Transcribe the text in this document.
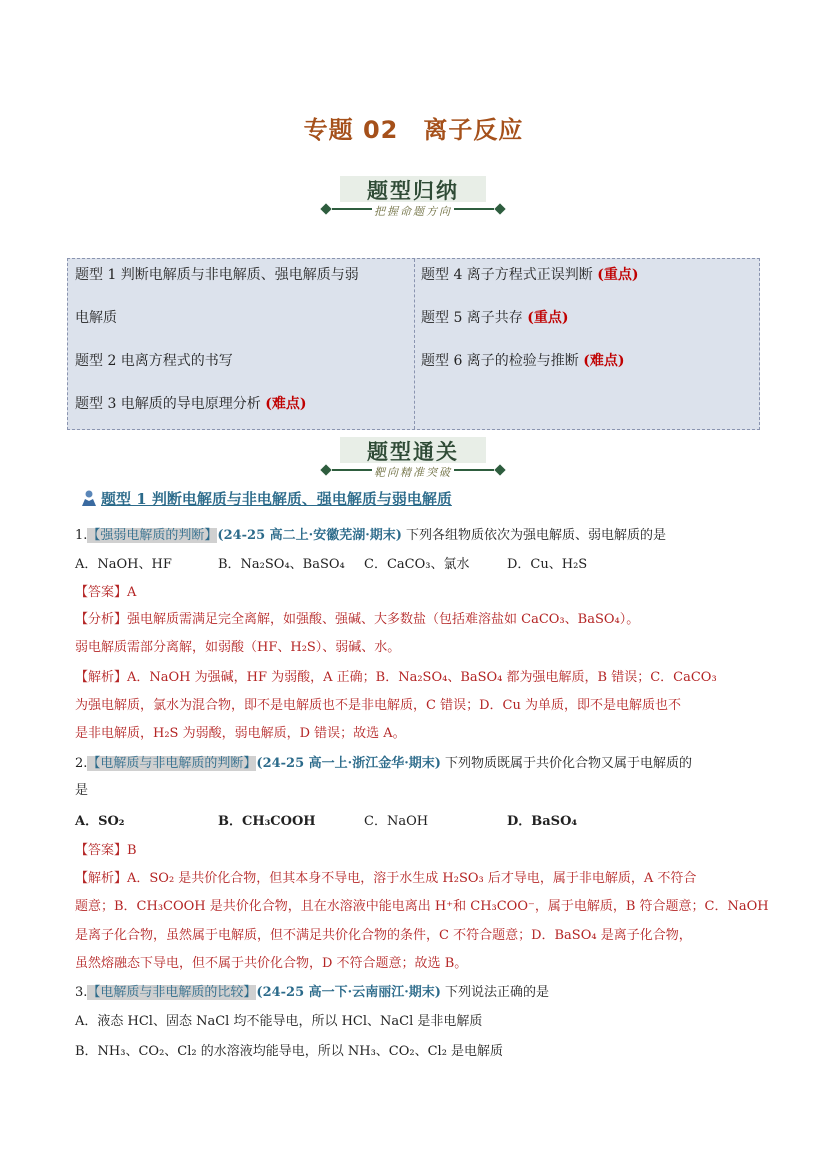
专题 02　离子反应
题型归纳
把握命题方向
题型 1 判断电解质与非电解质、强电解质与弱
电解质
题型 2 电离方程式的书写
题型 3 电解质的导电原理分析 (难点)
题型 4 离子方程式正误判断 (重点)
题型 5 离子共存 (重点)
题型 6 离子的检验与推断 (难点)
题型通关
靶向精准突破
题型 1 判断电解质与非电解质、强电解质与弱电解质
1.【强弱电解质的判断】(24-25 高二上·安徽芜湖·期末) 下列各组物质依次为强电解质、弱电解质的是
A．NaOH、HF	B．Na₂SO₄、BaSO₄ C．CaCO₃、氯水	D．Cu、H₂S
【答案】A
【分析】强电解质需满足完全离解，如强酸、强碱、大多数盐（包括难溶盐如 CaCO₃、BaSO₄）。
弱电解质需部分离解，如弱酸（HF、H₂S）、弱碱、水。
【解析】A．NaOH 为强碱，HF 为弱酸，A 正确；B．Na₂SO₄、BaSO₄ 都为强电解质，B 错误；C．CaCO₃
为强电解质，氯水为混合物，即不是电解质也不是非电解质，C 错误；D．Cu 为单质，即不是电解质也不
是非电解质，H₂S 为弱酸，弱电解质，D 错误；故选 A。
2.【电解质与非电解质的判断】(24-25 高一上·浙江金华·期末) 下列物质既属于共价化合物又属于电解质的
是
A．SO₂	B．CH₃COOH	C．NaOH	D．BaSO₄
【答案】B
【解析】A．SO₂ 是共价化合物，但其本身不导电，溶于水生成 H₂SO₃ 后才导电，属于非电解质，A 不符合
题意；B．CH₃COOH 是共价化合物，且在水溶液中能电离出 H⁺和 CH₃COO⁻，属于电解质，B 符合题意；C．NaOH
是离子化合物，虽然属于电解质，但不满足共价化合物的条件，C 不符合题意；D．BaSO₄ 是离子化合物，
虽然熔融态下导电，但不属于共价化合物，D 不符合题意；故选 B。
3.【电解质与非电解质的比较】(24-25 高一下·云南丽江·期末) 下列说法正确的是
A．液态 HCl、固态 NaCl 均不能导电，所以 HCl、NaCl 是非电解质
B．NH₃、CO₂、Cl₂ 的水溶液均能导电，所以 NH₃、CO₂、Cl₂ 是电解质
